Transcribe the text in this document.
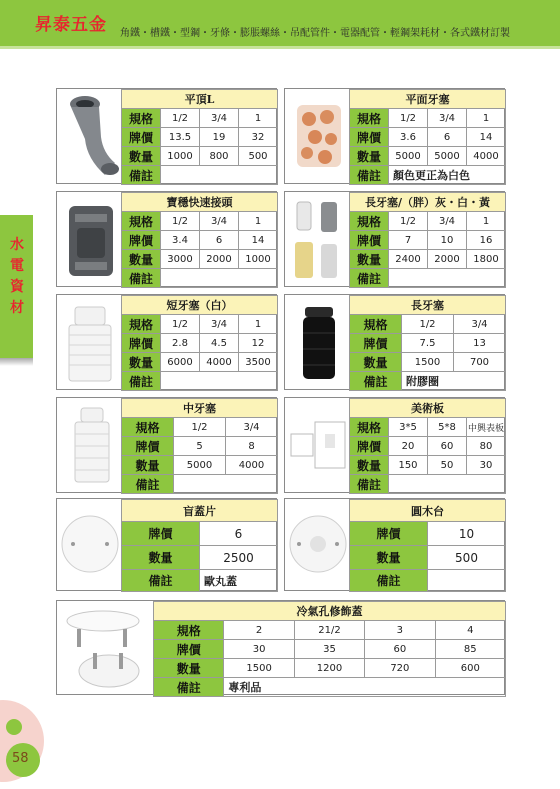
昇泰五金 角鐵・槽鐵・型鋼・牙條・膨脹螺絲・吊配管件・電器配管・輕鋼架耗材・各式鐵材訂製
水電資材
58
平頂L			
規格	1/2	3/4	1
牌價	13.5	19	32
數量	1000	800	500
備註			
平面牙塞			
規格	1/2	3/4	1
牌價	3.6	6	14
數量	5000	5000	4000
備註	顏色更正為白色		
寶穩快速接頭			
規格	1/2	3/4	1
牌價	3.4	6	14
數量	3000	2000	1000
備註			
長牙塞/（胖）灰・白・黃			
規格	1/2	3/4	1
牌價	7	10	16
數量	2400	2000	1800
備註			
短牙塞（白）			
規格	1/2	3/4	1
牌價	2.8	4.5	12
數量	6000	4000	3500
備註			
長牙塞		
規格	1/2	3/4
牌價	7.5	13
數量	1500	700
備註	附膠圈	
中牙塞		
規格	1/2	3/4
牌價	5	8
數量	5000	4000
備註		
美術板			
規格	3*5	5*8	中興表板
牌價	20	60	80
數量	150	50	30
備註			
盲蓋片	
牌價	6
數量	2500
備註	歐丸蓋
圓木台	
牌價	10
數量	500
備註	
冷氣孔修飾蓋				
規格	2	21/2	3	4
牌價	30	35	60	85
數量	1500	1200	720	600
備註	專利品			
